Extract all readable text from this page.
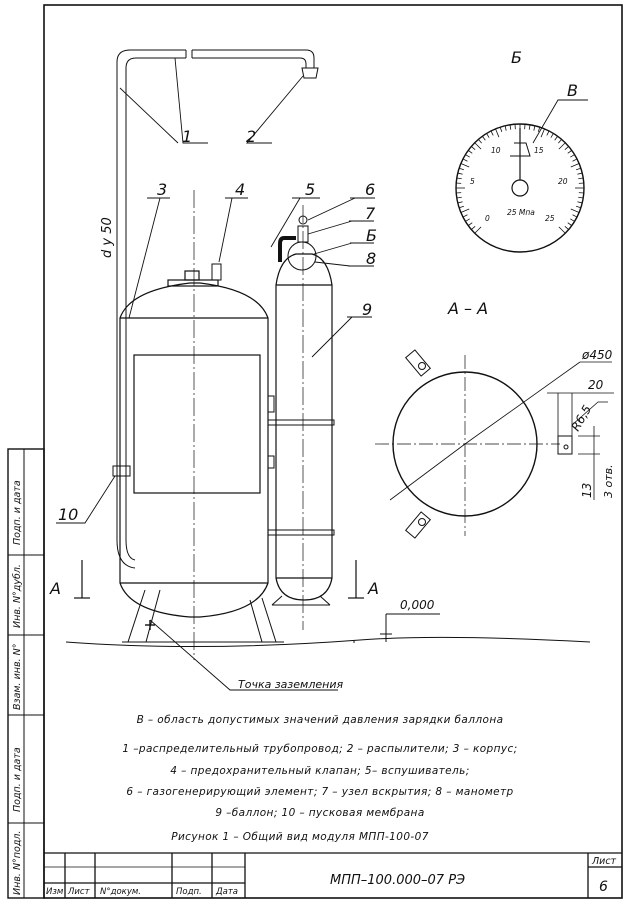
1	2
3	4	5	6
7
Б
8
9
10
Б
В
А	А
А – А
d y 50
0,000
Точка заземления
10	15
5	20
0
25 Мпа
25
ø450
20
R6,5
13 3 отв.
Подп. и дата
Инв. N°дубл.
Взам. инв. N°
Подп. и дата
Инв. N°подл.	Изм Лист N°докум.	Подп. Дата
Лист
МПП–100.000–07 РЭ	6
В – область допустимых значений давления зарядки баллона
1 –распределительный трубопровод; 2 – распылители; 3 – корпус;
4 – предохранительный клапан; 5– вспушиватель;
6 – газогенерирующий элемент; 7 – узел вскрытия; 8 – манометр
9 –баллон; 10 – пусковая мембрана
Рисунок 1 – Общий вид модуля МПП-100-07
